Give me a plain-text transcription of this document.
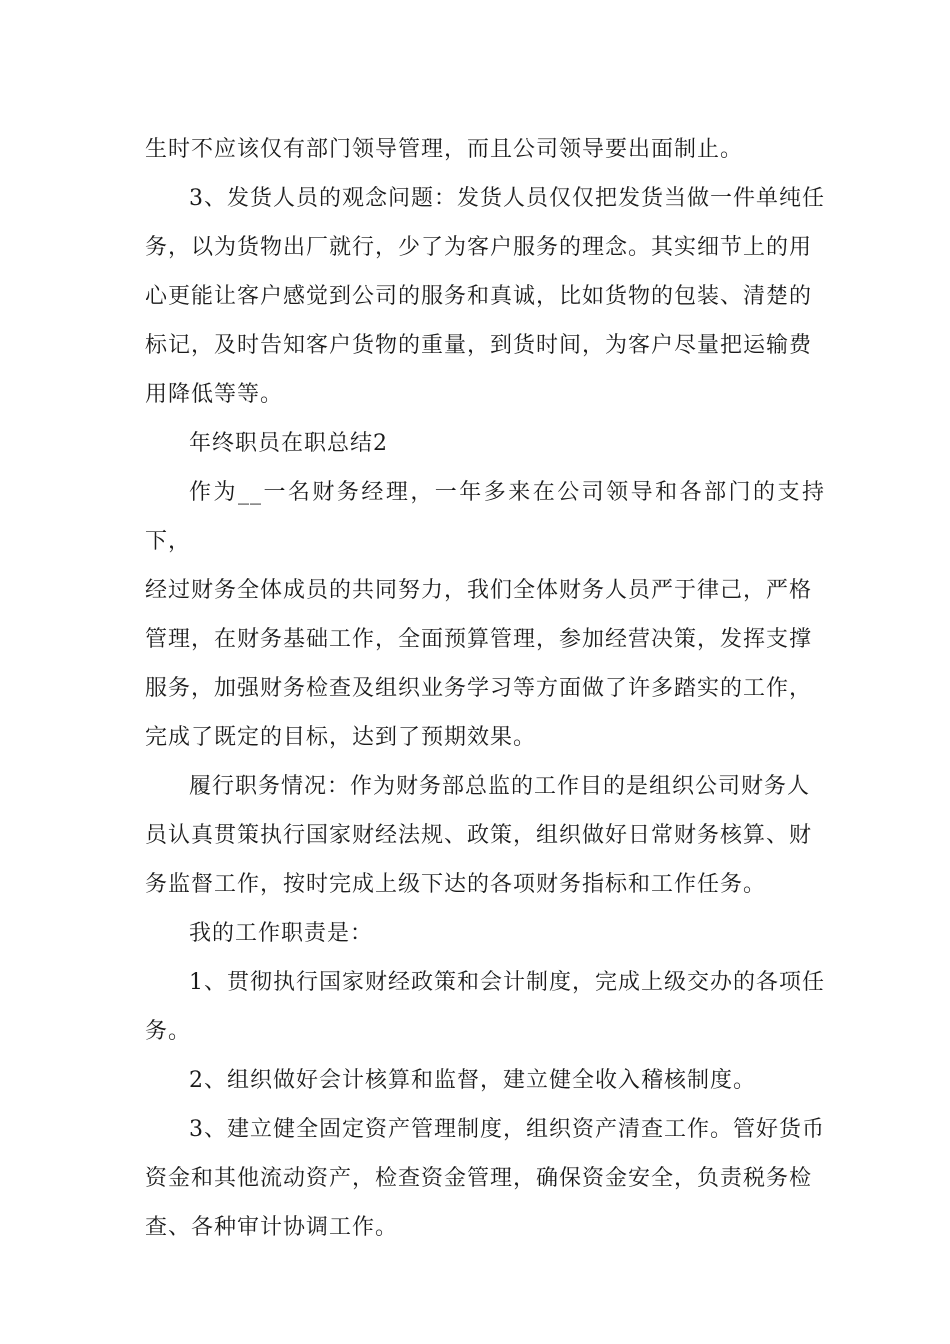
生时不应该仅有部门领导管理，而且公司领导要出面制止。

3、发货人员的观念问题：发货人员仅仅把发货当做一件单纯任
务，以为货物出厂就行，少了为客户服务的理念。其实细节上的用
心更能让客户感觉到公司的服务和真诚，比如货物的包装、清楚的
标记，及时告知客户货物的重量，到货时间，为客户尽量把运输费
用降低等等。

年终职员在职总结2

作为__一名财务经理，一年多来在公司领导和各部门的支持下，
经过财务全体成员的共同努力，我们全体财务人员严于律己，严格
管理，在财务基础工作，全面预算管理，参加经营决策，发挥支撑
服务，加强财务检查及组织业务学习等方面做了许多踏实的工作，
完成了既定的目标，达到了预期效果。

履行职务情况：作为财务部总监的工作目的是组织公司财务人
员认真贯策执行国家财经法规、政策，组织做好日常财务核算、财
务监督工作，按时完成上级下达的各项财务指标和工作任务。

我的工作职责是：

1、贯彻执行国家财经政策和会计制度，完成上级交办的各项任
务。

2、组织做好会计核算和监督，建立健全收入稽核制度。

3、建立健全固定资产管理制度，组织资产清查工作。管好货币
资金和其他流动资产，检查资金管理，确保资金安全，负责税务检
查、各种审计协调工作。
